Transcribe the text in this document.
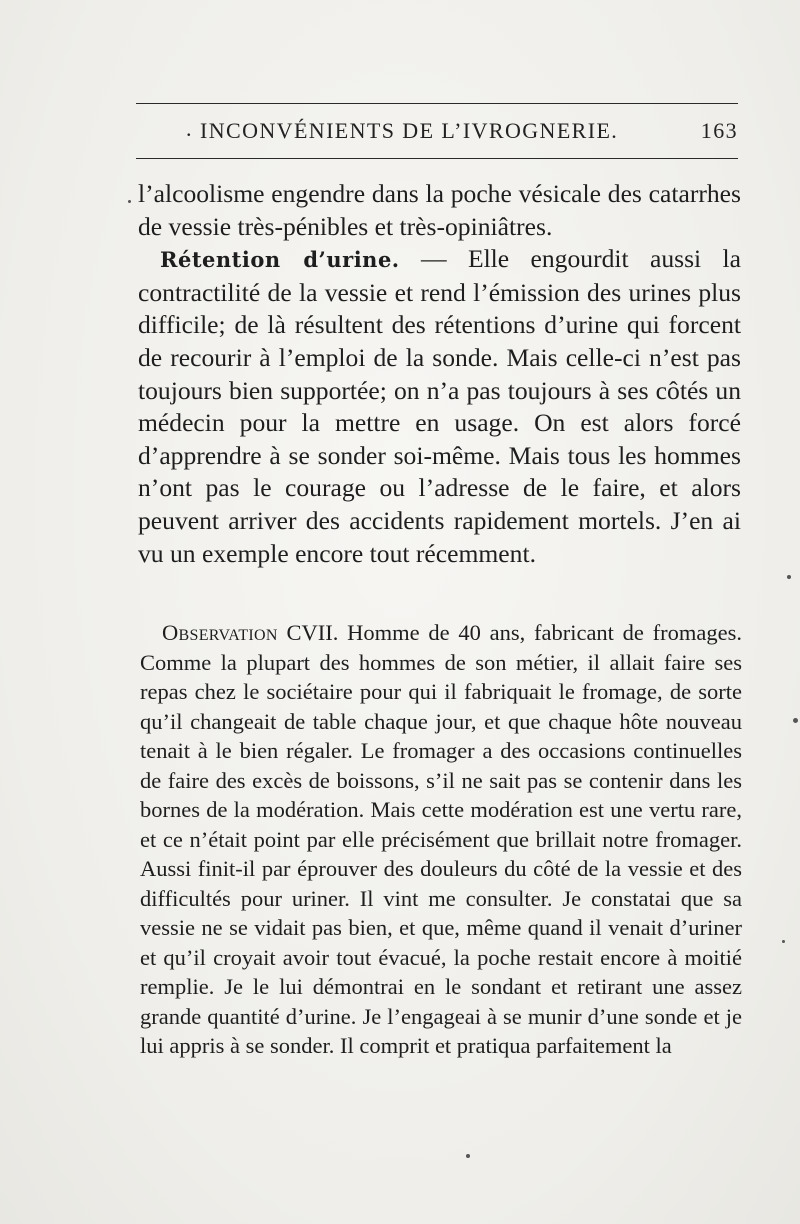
. INCONVÉNIENTS DE L’IVROGNERIE.	163

l’alcoolisme engendre dans la poche vésicale des catarrhes de vessie très-pénibles et très-opiniâtres.

Rétention d’urine. — Elle engourdit aussi la contractilité de la vessie et rend l’émission des urines plus difficile; de là résultent des rétentions d’urine qui forcent de recourir à l’emploi de la sonde. Mais celle-ci n’est pas toujours bien supportée; on n’a pas toujours à ses côtés un médecin pour la mettre en usage. On est alors forcé d’apprendre à se sonder soi-même. Mais tous les hommes n’ont pas le courage ou l’adresse de le faire, et alors peuvent arriver des accidents rapidement mortels. J’en ai vu un exemple encore tout récemment.

Observation CVII. Homme de 40 ans, fabricant de fromages. Comme la plupart des hommes de son métier, il allait faire ses repas chez le sociétaire pour qui il fabriquait le fromage, de sorte qu’il changeait de table chaque jour, et que chaque hôte nouveau tenait à le bien régaler. Le fromager a des occasions continuelles de faire des excès de boissons, s’il ne sait pas se contenir dans les bornes de la modération. Mais cette modération est une vertu rare, et ce n’était point par elle précisément que brillait notre fromager. Aussi finit-il par éprouver des douleurs du côté de la vessie et des difficultés pour uriner. Il vint me consulter. Je constatai que sa vessie ne se vidait pas bien, et que, même quand il venait d’uriner et qu’il croyait avoir tout évacué, la poche restait encore à moitié remplie. Je le lui démontrai en le sondant et retirant une assez grande quantité d’urine. Je l’engageai à se munir d’une sonde et je lui appris à se sonder. Il comprit et pratiqua parfaitement la
